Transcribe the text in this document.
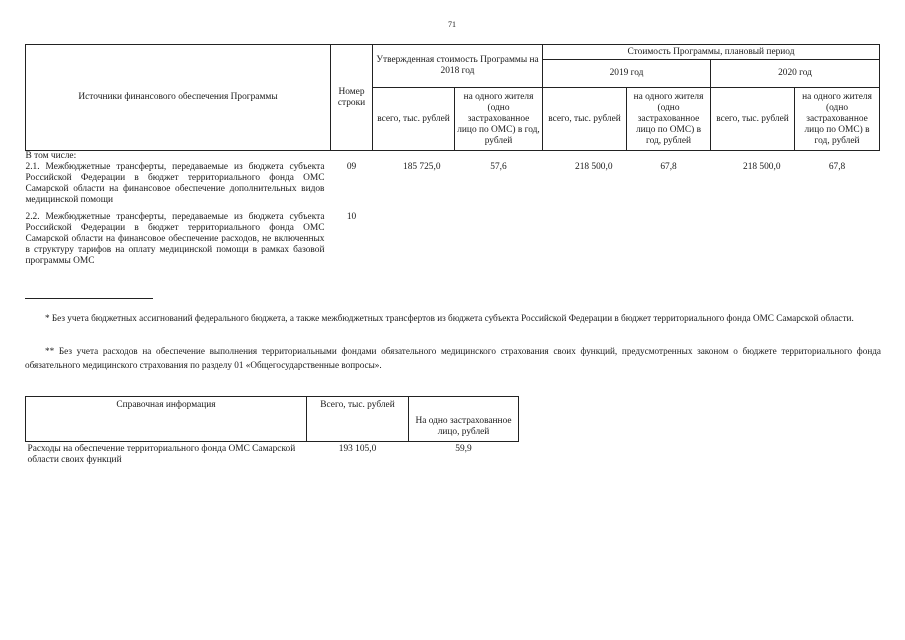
71
Источники финансового обеспечения Программы	Номер строки	Утвержденная стоимость Программы на 2018 год		Стоимость Программы, плановый период			
				2019 год		2020 год	
		всего, тыс. рублей	на одного жителя (одно застрахованное лицо по ОМС) в год, рублей	всего, тыс. рублей	на одного жителя (одно застрахованное лицо по ОМС) в год, рублей	всего, тыс. рублей	на одного жителя (одно застрахованное лицо по ОМС) в год, рублей
В том числе:							
2.1. Межбюджетные трансферты, передаваемые из бюджета субъекта Российской Федерации в бюджет территориального фонда ОМС Самарской области на финансовое обеспечение дополнительных видов медицинской помощи	09	185 725,0	57,6	218 500,0	67,8	218 500,0	67,8
2.2. Межбюджетные трансферты, передаваемые из бюджета субъекта Российской Федерации в бюджет территориального фонда ОМС Самарской области на финансовое обеспечение расходов, не включенных в структуру тарифов на оплату медицинской помощи в рамках базовой программы ОМС	10						
* Без учета бюджетных ассигнований федерального бюджета, а также межбюджетных трансфертов из бюджета субъекта Российской Федерации в бюджет территориального фонда ОМС Самарской области.
** Без учета расходов на обеспечение выполнения территориальными фондами обязательного медицинского страхования своих функций, предусмотренных законом о бюджете территориального фонда обязательного медицинского страхования по разделу 01 «Общегосударственные вопросы».
Справочная информация	Всего, тыс. рублей	На одно застрахованное лицо, рублей
Расходы на обеспечение территориального фонда ОМС Самарской области своих функций	193 105,0	59,9
